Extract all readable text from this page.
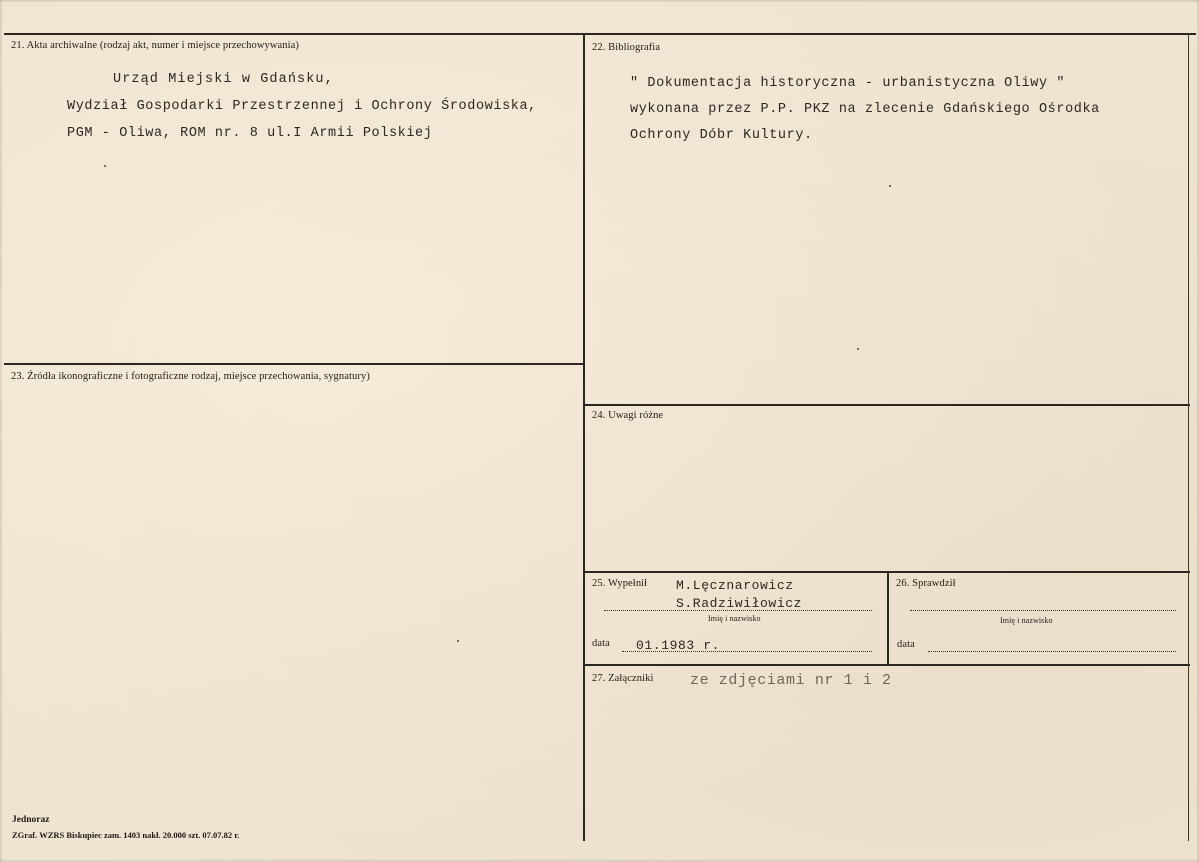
21. Akta archiwalne (rodzaj akt, numer i miejsce przechowywania)
Urząd Miejski w Gdańsku,
Wydział Gospodarki Przestrzennej i Ochrony Środowiska,
PGM - Oliwa, ROM nr. 8 ul.I Armii Polskiej
22. Bibliografia
" Dokumentacja historyczna - urbanistyczna Oliwy "
wykonana przez P.P. PKZ na zlecenie Gdańskiego Ośrodka
Ochrony Dóbr Kultury.
23. Źródła ikonograficzne i fotograficzne rodzaj, miejsce przechowania, sygnatury)
24. Uwagi różne
25. Wypełnił M.Lęcznarowicz
S.Radziwiłowicz
Imię i nazwisko
data 01.1983 r.
26. Sprawdził
Imię i nazwisko
data
27. Załączniki ze zdjęciami nr 1 i 2
Jednoraz
ZGraf. WZRS Biskupiec zam. 1403 nakł. 20.000 szt. 07.07.82 r.
